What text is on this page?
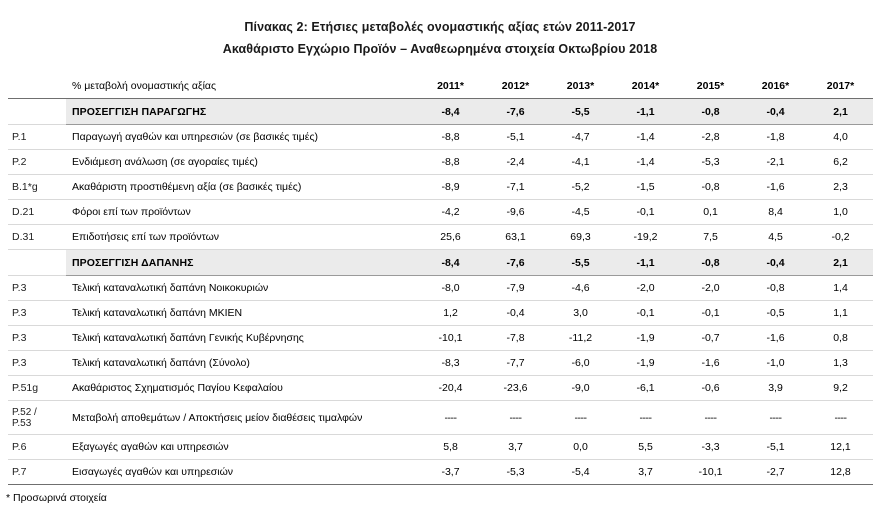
Πίνακας 2: Ετήσιες μεταβολές ονομαστικής αξίας ετών 2011-2017
Ακαθάριστο Εγχώριο Προϊόν – Αναθεωρημένα στοιχεία Οκτωβρίου 2018
	% μεταβολή ονομαστικής αξίας	2011*	2012*	2013*	2014*	2015*	2016*	2017*
	ΠΡΟΣΕΓΓΙΣΗ ΠΑΡΑΓΩΓΗΣ	-8,4	-7,6	-5,5	-1,1	-0,8	-0,4	2,1
P.1	Παραγωγή αγαθών και υπηρεσιών (σε βασικές τιμές)	-8,8	-5,1	-4,7	-1,4	-2,8	-1,8	4,0
P.2	Ενδιάμεση ανάλωση (σε αγοραίες τιμές)	-8,8	-2,4	-4,1	-1,4	-5,3	-2,1	6,2
B.1*g	Ακαθάριστη προστιθέμενη αξία (σε βασικές τιμές)	-8,9	-7,1	-5,2	-1,5	-0,8	-1,6	2,3
D.21	Φόροι επί των προϊόντων	-4,2	-9,6	-4,5	-0,1	0,1	8,4	1,0
D.31	Επιδοτήσεις επί των προϊόντων	25,6	63,1	69,3	-19,2	7,5	4,5	-0,2
	ΠΡΟΣΕΓΓΙΣΗ ΔΑΠΑΝΗΣ	-8,4	-7,6	-5,5	-1,1	-0,8	-0,4	2,1
P.3	Τελική καταναλωτική δαπάνη Νοικοκυριών	-8,0	-7,9	-4,6	-2,0	-2,0	-0,8	1,4
P.3	Τελική καταναλωτική δαπάνη ΜΚΙΕΝ	1,2	-0,4	3,0	-0,1	-0,1	-0,5	1,1
P.3	Τελική καταναλωτική δαπάνη Γενικής Κυβέρνησης	-10,1	-7,8	-11,2	-1,9	-0,7	-1,6	0,8
P.3	Τελική καταναλωτική δαπάνη (Σύνολο)	-8,3	-7,7	-6,0	-1,9	-1,6	-1,0	1,3
P.51g	Ακαθάριστος Σχηματισμός Παγίου Κεφαλαίου	-20,4	-23,6	-9,0	-6,1	-0,6	3,9	9,2
P.52 /
P.53	Μεταβολή αποθεμάτων / Αποκτήσεις μείον διαθέσεις τιμαλφών	----	----	----	----	----	----	----
P.6	Εξαγωγές αγαθών και υπηρεσιών	5,8	3,7	0,0	5,5	-3,3	-5,1	12,1
P.7	Εισαγωγές αγαθών και υπηρεσιών	-3,7	-5,3	-5,4	3,7	-10,1	-2,7	12,8
* Προσωρινά στοιχεία
